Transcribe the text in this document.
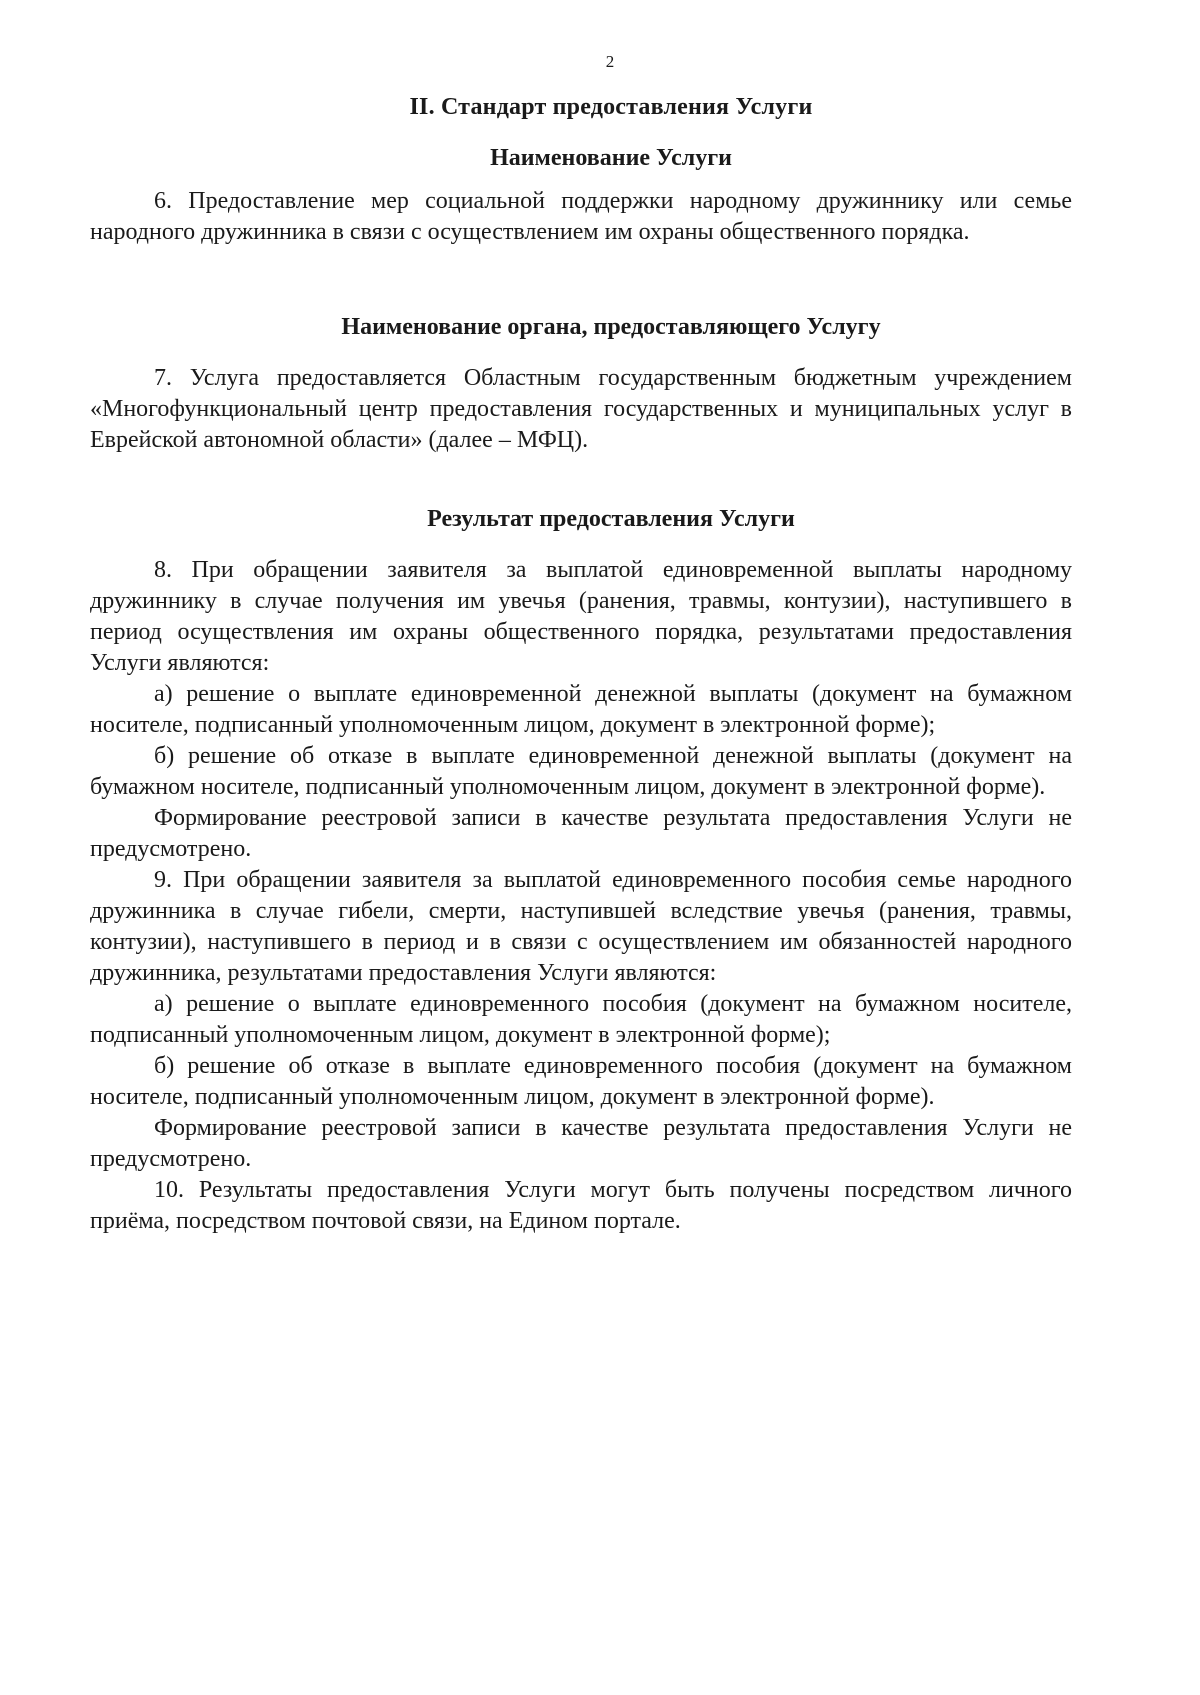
2
II. Стандарт предоставления Услуги
Наименование Услуги

6. Предоставление мер социальной поддержки народному дружиннику или семье народного дружинника в связи с осуществлением им охраны общественного порядка.

Наименование органа, предоставляющего Услугу

7. Услуга предоставляется Областным государственным бюджетным учреждением «Многофункциональный центр предоставления государственных и муниципальных услуг в Еврейской автономной области» (далее – МФЦ).

Результат предоставления Услуги

8. При обращении заявителя за выплатой единовременной выплаты народному дружиннику в случае получения им увечья (ранения, травмы, контузии), наступившего в период осуществления им охраны общественного порядка, результатами предоставления Услуги являются:

а) решение о выплате единовременной денежной выплаты (документ на бумажном носителе, подписанный уполномоченным лицом, документ в электронной форме);

б) решение об отказе в выплате единовременной денежной выплаты (документ на бумажном носителе, подписанный уполномоченным лицом, документ в электронной форме).

Формирование реестровой записи в качестве результата предоставления Услуги не предусмотрено.

9. При обращении заявителя за выплатой единовременного пособия семье народного дружинника в случае гибели, смерти, наступившей вследствие увечья (ранения, травмы, контузии), наступившего в период и в связи с осуществлением им обязанностей народного дружинника, результатами предоставления Услуги являются:

а) решение о выплате единовременного пособия (документ на бумажном носителе, подписанный уполномоченным лицом, документ в электронной форме);

б) решение об отказе в выплате единовременного пособия (документ на бумажном носителе, подписанный уполномоченным лицом, документ в электронной форме).

Формирование реестровой записи в качестве результата предоставления Услуги не предусмотрено.

10. Результаты предоставления Услуги могут быть получены посредством личного приёма, посредством почтовой связи, на Едином портале.
